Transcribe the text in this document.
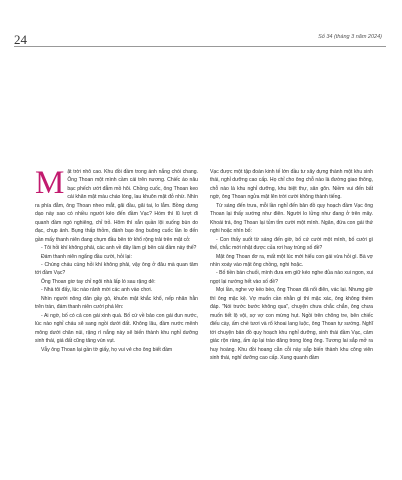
24	Số 34 (tháng 3 năm 2024)

Mặt trời nhô cao. Khu đồi đầm trong ánh nắng chói chang. Ông Thoan một mình cầm cái trên nương. Chiếc áo nâu bạc phếch ướt đẫm mồ hôi. Chồng cuốc, ông Thoan keo cái khăn mặt màu cháo lòng, lau khuôn mặt đỏ nhừ. Nhìn ra phía đằm, ông Thoan nheo mắt, gãi đầu, gãi tai, lo lắm. Bồng dưng dạo này sao có nhiều người kéo đến đầm Vạc? Hóm thì lũ lượt đi quanh đầm ngó nghiêng, chỉ trỏ. Hôm thì xắn quần lội xuống bùn do đạc, chụp ảnh. Bụng thấp thỏm, đánh bạo ông buông cuốc lần lo đến gần mấy thanh niên đang chụm đầu bên tờ khổ rộng trải trên mặt cỏ:

- Tôi hỏi khí không phải, các anh về đây làm gì bên cái đầm này thế?

Đám thanh niên ngẩng đầu cười, hỏi lại:

- Chúng cháu cùng hỏi khí không phải, vậy ông ở đâu mà quan tâm tới đầm Vạc?

Ông Thoan giơ tay chỉ ngôi nhà lấp ló sau rặng dẻ:

- Nhà tôi đấy, lúc nào rảnh mời các anh vào chơi.

Nhìn người nông dân gầy gò, khuôn mặt khắc khổ, nếp nhăn hằn trên trán, đám thanh niên cười phá lên:

- Ai ngờ, bố có cả con gái xinh quá. Bố cứ về bảo con gái đun nước, lúc nào nghỉ cháu sẽ sang ngồi dưới đất. Không lâu, đầm nước mênh mông dưới chân núi, rặng rì nắng này sẽ biến thành khu nghỉ dưỡng sinh thái, giá đất cũng tăng vùn vụt.

Vẫy ông Thoan lại gần tờ giấy, họ vui vẻ cho ông biết đầm

Vạc được một tập đoàn kinh tế lớn đầu tư xây dựng thành một khu sinh thái, nghỉ dưỡng cao cấp. Họ chỉ cho ông chỗ nào là đường giao thông, chỗ nào là khu nghỉ dưỡng, khu biệt thự, sân gôn. Niềm vui đến bất ngờ, ông Thoan ngửa mặt lên trời cười không thành tiếng.

Từ sáng đến trưa, mỗi lần nghỉ đến bản đồ quy hoạch đầm Vạc ông Thoan lại thấy sướng như điên. Người lo lửng như đang ở trên mây. Khoái trá, ông Thoan lại tủm tỉm cười một mình. Ngăn, đứa con gái thứ nghi hoặc nhìn bố:

- Con thấy suốt từ sáng đến giờ, bố cứ cười một mình, bố cười gì thế, chắc mới nhặt được của rơi hay trúng số đề?

Mặt ông Thoan đơ ra, mất một lúc mới hiểu con gái vừa hỏi gì. Bà vợ nhìn xoáy vào mặt ông chồng, nghi hoặc.

- Bố tiền bán chuối, mình đưa em giữ kéo nghe đủa nào xui ngon, xui ngọt lại nướng hết vào số đề?

Mọi lần, nghe vợ kéo bèo, ông Thoan đã nổi điên, vác lại. Nhưng giờ thì ông mặc kệ. Vợ muốn cần nhằn gì thì mặc xác, ông không thèm đáp. "Nói trước bước không qua", chuyện chưa chắc chắn, ông chưa muốn tiết lộ vội, sợ vợ con mừng hụt. Ngồi trên chõng tre, bên chiếc điếu cày, ấm chè tươi và rổ khoai lang luộc, ông Thoan tự sướng. Nghĩ tới chuyện bản đồ quy hoạch khu nghỉ dưỡng, sinh thái đầm Vạc, cảm giác rộn ràng, ấm áp lại trào dâng trong lòng ông. Tương lai sắp mở ra huy hoàng. Khu đồi hoang cằn cỗi này sắp biến thành khu công viên sinh thái, nghỉ dưỡng cao cấp. Xung quanh đầm
